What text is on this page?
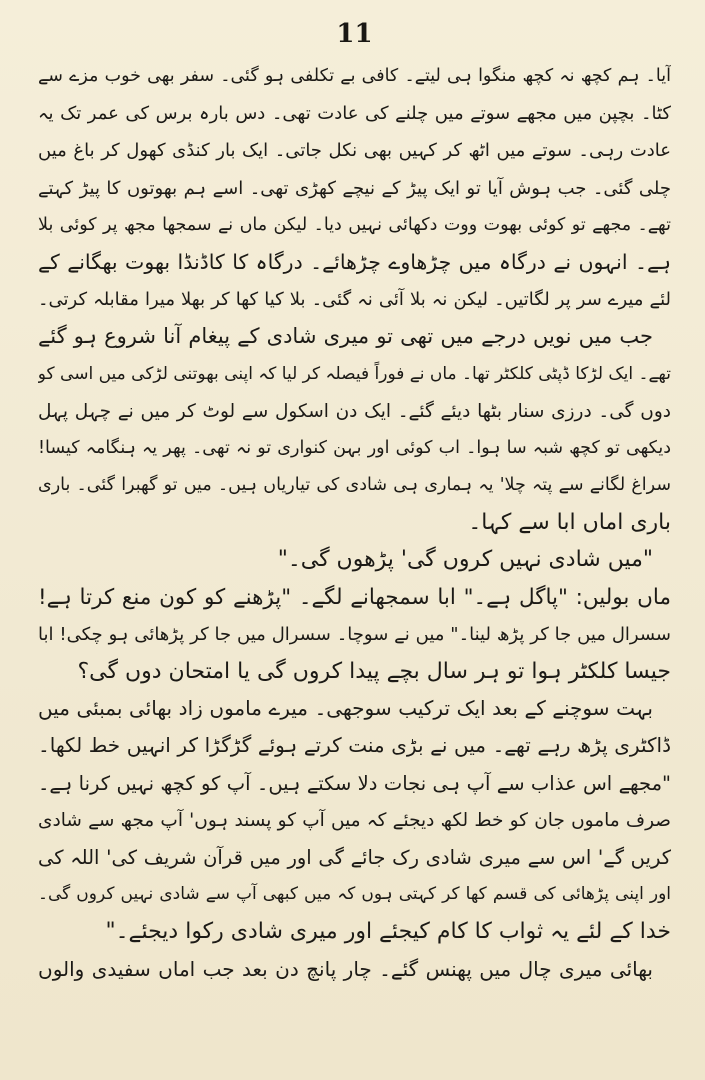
11
آیا۔ ہم کچھ نہ کچھ منگوا ہی لیتے۔ کافی بے تکلفی ہو گئی۔ سفر بھی خوب مزے سے
کٹا۔ بچپن میں مجھے سوتے میں چلنے کی عادت تھی۔ دس بارہ برس کی عمر تک یہ
عادت رہی۔ سوتے میں اٹھ کر کہیں بھی نکل جاتی۔ ایک بار کنڈی کھول کر باغ میں
چلی گئی۔ جب ہوش آیا تو ایک پیڑ کے نیچے کھڑی تھی۔ اسے ہم بھوتوں کا پیڑ کہتے
تھے۔ مجھے تو کوئی بھوت ووت دکھائی نہیں دیا۔ لیکن ماں نے سمجھا مجھ پر کوئی بلا
ہے۔ انہوں نے درگاہ میں چڑھاوے چڑھائے۔ درگاہ کا کاڈنڈا بھوت بھگانے کے
لئے میرے سر پر لگاتیں۔ لیکن نہ بلا آئی نہ گئی۔ بلا کیا کھا کر بھلا میرا مقابلہ کرتی۔
جب میں نویں درجے میں تھی تو میری شادی کے پیغام آنا شروع ہو گئے
تھے۔ ایک لڑکا ڈپٹی کلکٹر تھا۔ ماں نے فوراً فیصلہ کر لیا کہ اپنی بھوتنی لڑکی میں اسی کو
دوں گی۔ درزی سنار بٹھا دیئے گئے۔ ایک دن اسکول سے لوٹ کر میں نے چہل پہل
دیکھی تو کچھ شبہ سا ہوا۔ اب کوئی اور بہن کنواری تو نہ تھی۔ پھر یہ ہنگامہ کیسا!
سراغ لگانے سے پتہ چلا' یہ ہماری ہی شادی کی تیاریاں ہیں۔ میں تو گھبرا گئی۔ باری
باری اماں ابا سے کہا۔
"میں شادی نہیں کروں گی' پڑھوں گی۔"
ماں بولیں: "پاگل ہے۔" ابا سمجھانے لگے۔ "پڑھنے کو کون منع کرتا ہے!
سسرال میں جا کر پڑھ لینا۔" میں نے سوچا۔ سسرال میں جا کر پڑھائی ہو چکی! ابا
جیسا کلکٹر ہوا تو ہر سال بچے پیدا کروں گی یا امتحان دوں گی؟
بہت سوچنے کے بعد ایک ترکیب سوجھی۔ میرے ماموں زاد بھائی بمبئی میں
ڈاکٹری پڑھ رہے تھے۔ میں نے بڑی منت کرتے ہوئے گڑگڑا کر انہیں خط لکھا۔
"مجھے اس عذاب سے آپ ہی نجات دلا سکتے ہیں۔ آپ کو کچھ نہیں کرنا ہے۔
صرف ماموں جان کو خط لکھ دیجئے کہ میں آپ کو پسند ہوں' آپ مجھ سے شادی
کریں گے' اس سے میری شادی رک جائے گی اور میں قرآن شریف کی' اللہ کی
اور اپنی پڑھائی کی قسم کھا کر کہتی ہوں کہ میں کبھی آپ سے شادی نہیں کروں گی۔
خدا کے لئے یہ ثواب کا کام کیجئے اور میری شادی رکوا دیجئے۔"
بھائی میری چال میں پھنس گئے۔ چار پانچ دن بعد جب اماں سفیدی والوں
